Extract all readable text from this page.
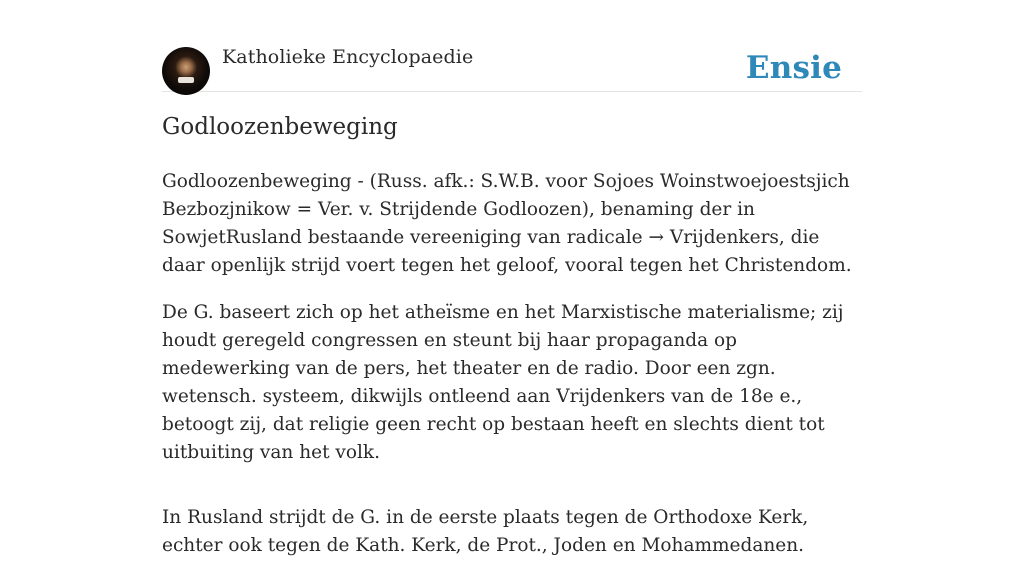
Katholieke Encyclopaedie	Ensie
Godloozenbeweging

Godloozenbeweging - (Russ. afk.: S.W.B. voor Sojoes Woinstwoejoestsjich Bezbozjnikow = Ver. v. Strijdende Godloozen), benaming der in SowjetRusland bestaande vereeniging van radicale → Vrijdenkers, die daar openlijk strijd voert tegen het geloof, vooral tegen het Christendom.

De G. baseert zich op het atheïsme en het Marxistische materialisme; zij houdt geregeld congressen en steunt bij haar propaganda op medewerking van de pers, het theater en de radio. Door een zgn. wetensch. systeem, dikwijls ontleend aan Vrijdenkers van de 18e e., betoogt zij, dat religie geen recht op bestaan heeft en slechts dient tot uitbuiting van het volk.

In Rusland strijdt de G. in de eerste plaats tegen de Orthodoxe Kerk, echter ook tegen de Kath. Kerk, de Prot., Joden en Mohammedanen.
